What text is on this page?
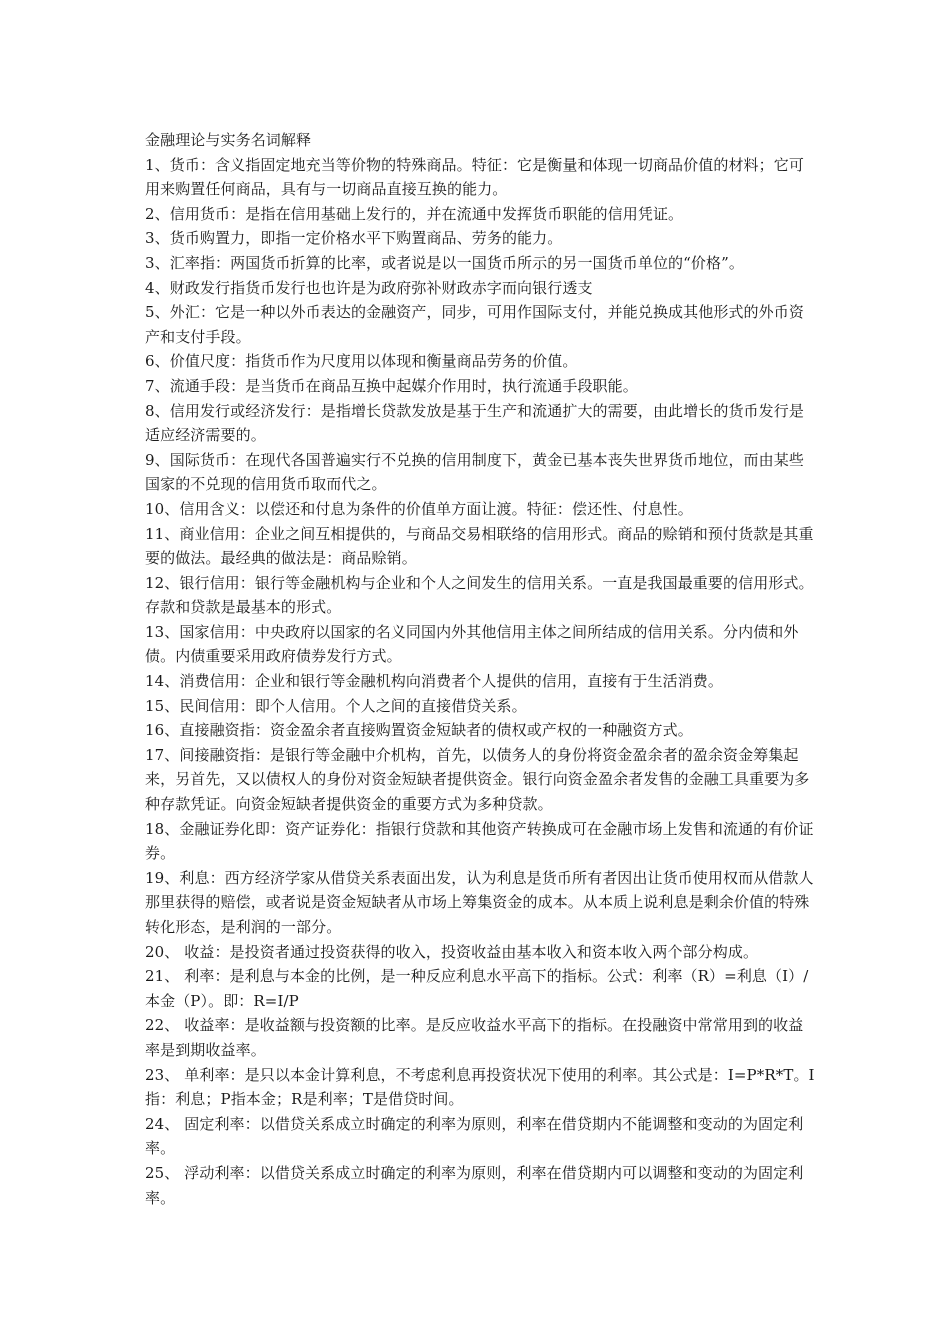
金融理论与实务名词解释

1、货币：含义指固定地充当等价物的特殊商品。特征：它是衡量和体现一切商品价值的材料；它可用来购置任何商品，具有与一切商品直接互换的能力。

2、信用货币：是指在信用基础上发行的，并在流通中发挥货币职能的信用凭证。

3、货币购置力，即指一定价格水平下购置商品、劳务的能力。

3、汇率指：两国货币折算的比率，或者说是以一国货币所示的另一国货币单位的“价格”。

4、财政发行指货币发行也也许是为政府弥补财政赤字而向银行透支

5、外汇：它是一种以外币表达的金融资产，同步，可用作国际支付，并能兑换成其他形式的外币资产和支付手段。

6、价值尺度：指货币作为尺度用以体现和衡量商品劳务的价值。

7、流通手段：是当货币在商品互换中起媒介作用时，执行流通手段职能。

8、信用发行或经济发行：是指增长贷款发放是基于生产和流通扩大的需要，由此增长的货币发行是适应经济需要的。

9、国际货币：在现代各国普遍实行不兑换的信用制度下，黄金已基本丧失世界货币地位，而由某些国家的不兑现的信用货币取而代之。

10、信用含义：以偿还和付息为条件的价值单方面让渡。特征：偿还性、付息性。

11、商业信用：企业之间互相提供的，与商品交易相联络的信用形式。商品的赊销和预付货款是其重要的做法。最经典的做法是：商品赊销。

12、银行信用：银行等金融机构与企业和个人之间发生的信用关系。一直是我国最重要的信用形式。存款和贷款是最基本的形式。

13、国家信用：中央政府以国家的名义同国内外其他信用主体之间所结成的信用关系。分内债和外债。内债重要采用政府债券发行方式。

14、消费信用：企业和银行等金融机构向消费者个人提供的信用，直接有于生活消费。

15、民间信用：即个人信用。个人之间的直接借贷关系。

16、直接融资指：资金盈余者直接购置资金短缺者的债权或产权的一种融资方式。

17、间接融资指：是银行等金融中介机构，首先，以债务人的身份将资金盈余者的盈余资金筹集起来，另首先，又以债权人的身份对资金短缺者提供资金。银行向资金盈余者发售的金融工具重要为多种存款凭证。向资金短缺者提供资金的重要方式为多种贷款。

18、金融证券化即：资产证券化：指银行贷款和其他资产转换成可在金融市场上发售和流通的有价证券。

19、利息：西方经济学家从借贷关系表面出发，认为利息是货币所有者因出让货币使用权而从借款人那里获得的赔偿，或者说是资金短缺者从市场上筹集资金的成本。从本质上说利息是剩余价值的特殊转化形态，是利润的一部分。

20、 收益：是投资者通过投资获得的收入，投资收益由基本收入和资本收入两个部分构成。

21、 利率：是利息与本金的比例，是一种反应利息水平高下的指标。公式：利率（R）=利息（I）/本金（P）。即：R=I/P

22、 收益率：是收益额与投资额的比率。是反应收益水平高下的指标。在投融资中常常用到的收益率是到期收益率。

23、 单利率：是只以本金计算利息，不考虑利息再投资状况下使用的利率。其公式是：I=P*R*T。I指：利息；P指本金；R是利率；T是借贷时间。

24、 固定利率：以借贷关系成立时确定的利率为原则，利率在借贷期内不能调整和变动的为固定利率。

25、 浮动利率：以借贷关系成立时确定的利率为原则，利率在借贷期内可以调整和变动的为固定利率。
